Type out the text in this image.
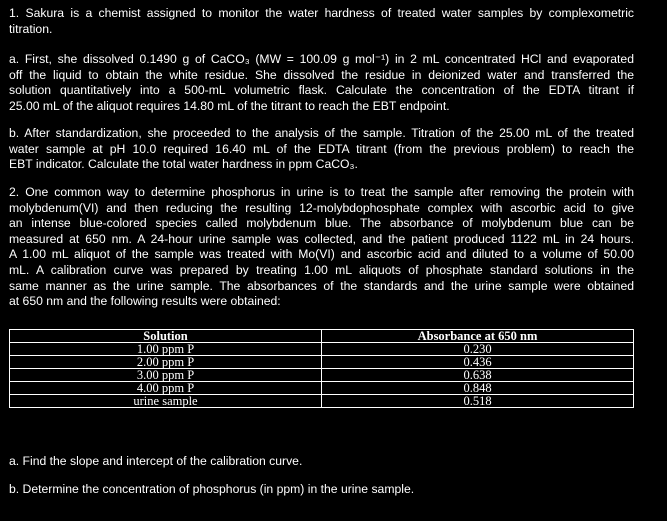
1. Sakura is a chemist assigned to monitor the water hardness of treated water samples by complexometric
titration.

a. First, she dissolved 0.1490 g of CaCO₃ (MW = 100.09 g mol⁻¹) in 2 mL concentrated HCl and evaporated
off the liquid to obtain the white residue. She dissolved the residue in deionized water and transferred the
solution quantitatively into a 500-mL volumetric flask. Calculate the concentration of the EDTA titrant if
25.00 mL of the aliquot requires 14.80 mL of the titrant to reach the EBT endpoint.

b. After standardization, she proceeded to the analysis of the sample. Titration of the 25.00 mL of the treated
water sample at pH 10.0 required 16.40 mL of the EDTA titrant (from the previous problem) to reach the
EBT indicator. Calculate the total water hardness in ppm CaCO₃.

2. One common way to determine phosphorus in urine is to treat the sample after removing the protein with
molybdenum(VI) and then reducing the resulting 12-molybdophosphate complex with ascorbic acid to give
an intense blue-colored species called molybdenum blue. The absorbance of molybdenum blue can be
measured at 650 nm. A 24-hour urine sample was collected, and the patient produced 1122 mL in 24 hours.
A 1.00 mL aliquot of the sample was treated with Mo(VI) and ascorbic acid and diluted to a volume of 50.00
mL. A calibration curve was prepared by treating 1.00 mL aliquots of phosphate standard solutions in the
same manner as the urine sample. The absorbances of the standards and the urine sample were obtained
at 650 nm and the following results were obtained:

Solution	Absorbance at 650 nm
1.00 ppm P	0.230
2.00 ppm P	0.436
3.00 ppm P	0.638
4.00 ppm P	0.848
urine sample	0.518

a. Find the slope and intercept of the calibration curve.

b. Determine the concentration of phosphorus (in ppm) in the urine sample.
